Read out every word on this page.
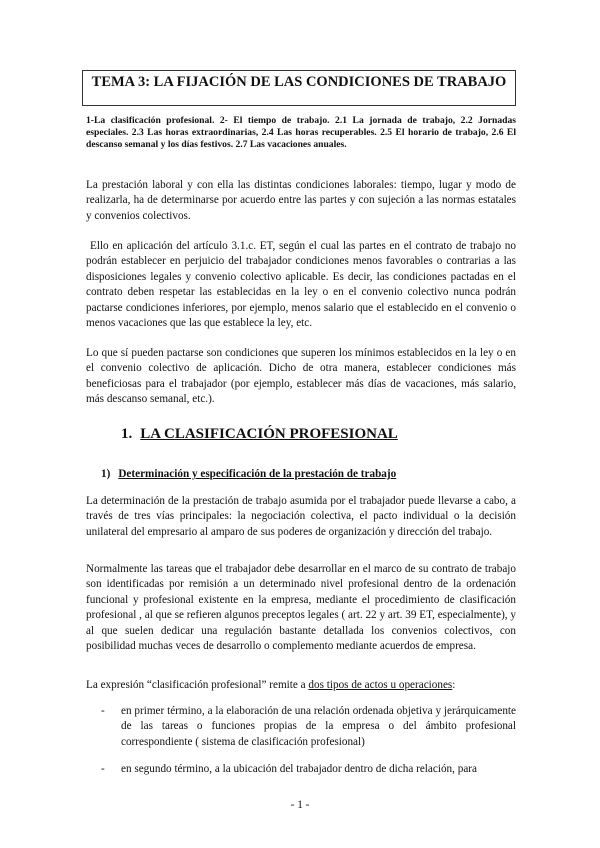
TEMA 3: LA FIJACIÓN DE LAS CONDICIONES DE TRABAJO
1-La clasificación profesional. 2- El tiempo de trabajo. 2.1 La jornada de trabajo, 2.2 Jornadas especiales. 2.3 Las horas extraordinarias, 2.4 Las horas recuperables. 2.5 El horario de trabajo, 2.6 El descanso semanal y los días festivos. 2.7 Las vacaciones anuales.
La prestación laboral y con ella las distintas condiciones laborales: tiempo, lugar y modo de realizarla, ha de determinarse por acuerdo entre las partes y con sujeción a las normas estatales y convenios colectivos.
Ello en aplicación del artículo 3.1.c. ET, según el cual las partes en el contrato de trabajo no podrán establecer en perjuicio del trabajador condiciones menos favorables o contrarias a las disposiciones legales y convenio colectivo aplicable. Es decir, las condiciones pactadas en el contrato deben respetar las establecidas en la ley o en el convenio colectivo nunca podrán pactarse condiciones inferiores, por ejemplo, menos salario que el establecido en el convenio o menos vacaciones que las que establece la ley, etc.
Lo que sí pueden pactarse son condiciones que superen los mínimos establecidos en la ley o en el convenio colectivo de aplicación. Dicho de otra manera, establecer condiciones más beneficiosas para el trabajador (por ejemplo, establecer más días de vacaciones, más salario, más descanso semanal, etc.).
1. LA CLASIFICACIÓN PROFESIONAL
1) Determinación y especificación de la prestación de trabajo
La determinación de la prestación de trabajo asumida por el trabajador puede llevarse a cabo, a través de tres vías principales: la negociación colectiva, el pacto individual o la decisión unilateral del empresario al amparo de sus poderes de organización y dirección del trabajo.
Normalmente las tareas que el trabajador debe desarrollar en el marco de su contrato de trabajo son identificadas por remisión a un determinado nivel profesional dentro de la ordenación funcional y profesional existente en la empresa, mediante el procedimiento de clasificación profesional , al que se refieren algunos preceptos legales ( art. 22 y art. 39 ET, especialmente), y al que suelen dedicar una regulación bastante detallada los convenios colectivos, con posibilidad muchas veces de desarrollo o complemento mediante acuerdos de empresa.
La expresión “clasificación profesional” remite a dos tipos de actos u operaciones:
- en primer término, a la elaboración de una relación ordenada objetiva y jerárquicamente de las tareas o funciones propias de la empresa o del ámbito profesional correspondiente ( sistema de clasificación profesional)
- en segundo término, a la ubicación del trabajador dentro de dicha relación, para
- 1 -
